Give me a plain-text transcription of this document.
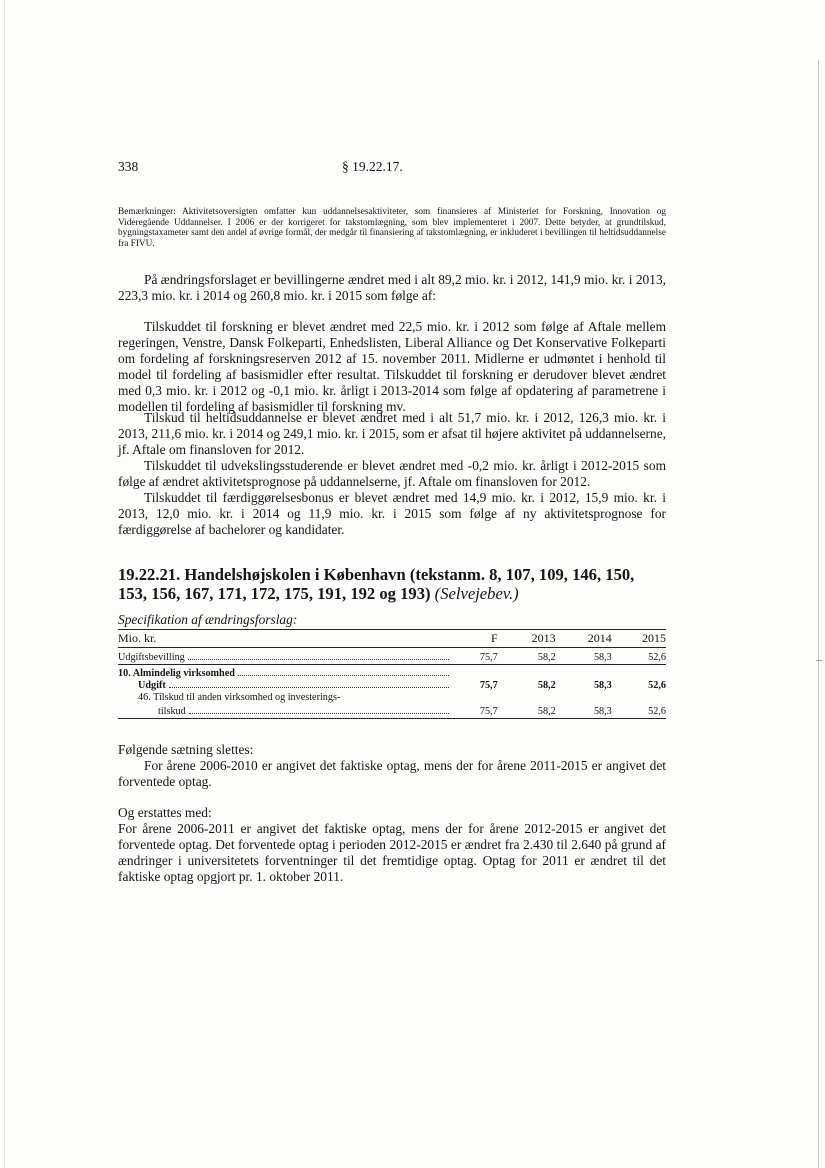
338	§ 19.22.17.
Bemærkninger: Aktivitetsoversigten omfatter kun uddannelsesaktiviteter, som finansieres af Ministeriet for Forskning, Innovation og Videregående Uddannelser. I 2006 er der korrigeret for takstomlægning, som blev implementeret i 2007. Dette betyder, at grundtilskud, bygningstaxameter samt den andel af øvrige formål, der medgår til finansiering af takstomlægning, er inkluderet i bevillingen til heltidsuddannelse fra FIVU.
På ændringsforslaget er bevillingerne ændret med i alt 89,2 mio. kr. i 2012, 141,9 mio. kr. i 2013, 223,3 mio. kr. i 2014 og 260,8 mio. kr. i 2015 som følge af:
Tilskuddet til forskning er blevet ændret med 22,5 mio. kr. i 2012 som følge af Aftale mellem regeringen, Venstre, Dansk Folkeparti, Enhedslisten, Liberal Alliance og Det Konservative Folkeparti om fordeling af forskningsreserven 2012 af 15. november 2011. Midlerne er udmøntet i henhold til model til fordeling af basismidler efter resultat. Tilskuddet til forskning er derudover blevet ændret med 0,3 mio. kr. i 2012 og -0,1 mio. kr. årligt i 2013-2014 som følge af opdatering af parametrene i modellen til fordeling af basismidler til forskning mv.
Tilskud til heltidsuddannelse er blevet ændret med i alt 51,7 mio. kr. i 2012, 126,3 mio. kr. i 2013, 211,6 mio. kr. i 2014 og 249,1 mio. kr. i 2015, som er afsat til højere aktivitet på uddannelserne, jf. Aftale om finansloven for 2012.
Tilskuddet til udvekslingsstuderende er blevet ændret med -0,2 mio. kr. årligt i 2012-2015 som følge af ændret aktivitetsprognose på uddannelserne, jf. Aftale om finansloven for 2012.
Tilskuddet til færdiggørelsesbonus er blevet ændret med 14,9 mio. kr. i 2012, 15,9 mio. kr. i 2013, 12,0 mio. kr. i 2014 og 11,9 mio. kr. i 2015 som følge af ny aktivitetsprognose for færdiggørelse af bachelorer og kandidater.
19.22.21. Handelshøjskolen i København (tekstanm. 8, 107, 109, 146, 150, 153, 156, 167, 171, 172, 175, 191, 192 og 193) (Selvejebev.)
Specifikation af ændringsforslag:
Mio. kr.	F	2013	2014	2015

Udgiftsbevilling	75,7	58,2	58,3	52,6

10. Almindelig virksomhed				

Udgift	75,7	58,2	58,3	52,6
46. Tilskud til anden virksomhed og investerings-				

tilskud	75,7	58,2	58,3	52,6
Følgende sætning slettes:
For årene 2006-2010 er angivet det faktiske optag, mens der for årene 2011-2015 er angivet det forventede optag.
Og erstattes med:
For årene 2006-2011 er angivet det faktiske optag, mens der for årene 2012-2015 er angivet det forventede optag. Det forventede optag i perioden 2012-2015 er ændret fra 2.430 til 2.640 på grund af ændringer i universitetets forventninger til det fremtidige optag. Optag for 2011 er ændret til det faktiske optag opgjort pr. 1. oktober 2011.
